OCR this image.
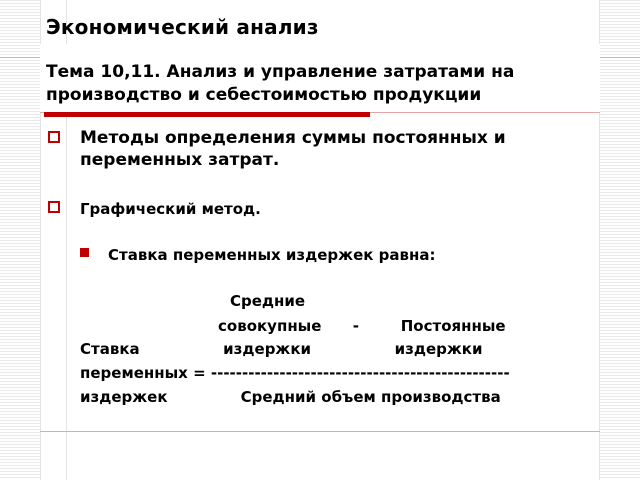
Экономический анализ
Тема 10,11. Анализ и управление затратами на производство и себестоимостью продукции
Методы определения суммы постоянных и переменных затрат.
Графический метод.
Ставка переменных издержек равна:
Средние
совокупные      -        Постоянные
Ставка                издержки                издержки
переменных = ------------------------------------------------
издержек              Средний объем производства
